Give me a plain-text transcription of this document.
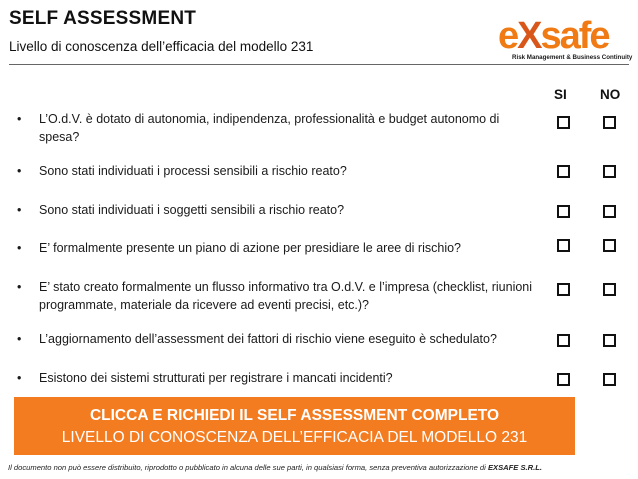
SELF ASSESSMENT
Livello di conoscenza dell’efficacia del modello 231	eXsafe
Risk Management & Business Continuity
SI NO
•	L’O.d.V. è dotato di autonomia, indipendenza, professionalità e budget autonomo di spesa?
•	Sono stati individuati i processi sensibili a rischio reato?
•	Sono stati individuati i soggetti sensibili a rischio reato?
•	E’ formalmente presente un piano di azione per presidiare le aree di rischio?
•	E’ stato creato formalmente un flusso informativo tra O.d.V. e l’impresa (checklist, riunioni programmate, materiale da ricevere ad eventi precisi, etc.)?
•	L’aggiornamento dell’assessment dei fattori di rischio viene eseguito è schedulato?
•	Esistono dei sistemi strutturati per registrare i mancati incidenti?
CLICCA E RICHIEDI IL SELF ASSESSMENT COMPLETO
LIVELLO DI CONOSCENZA DELL’EFFICACIA DEL MODELLO 231
Il documento non può essere distribuito, riprodotto o pubblicato in alcuna delle sue parti, in qualsiasi forma, senza preventiva autorizzazione di EXSAFE S.R.L.
